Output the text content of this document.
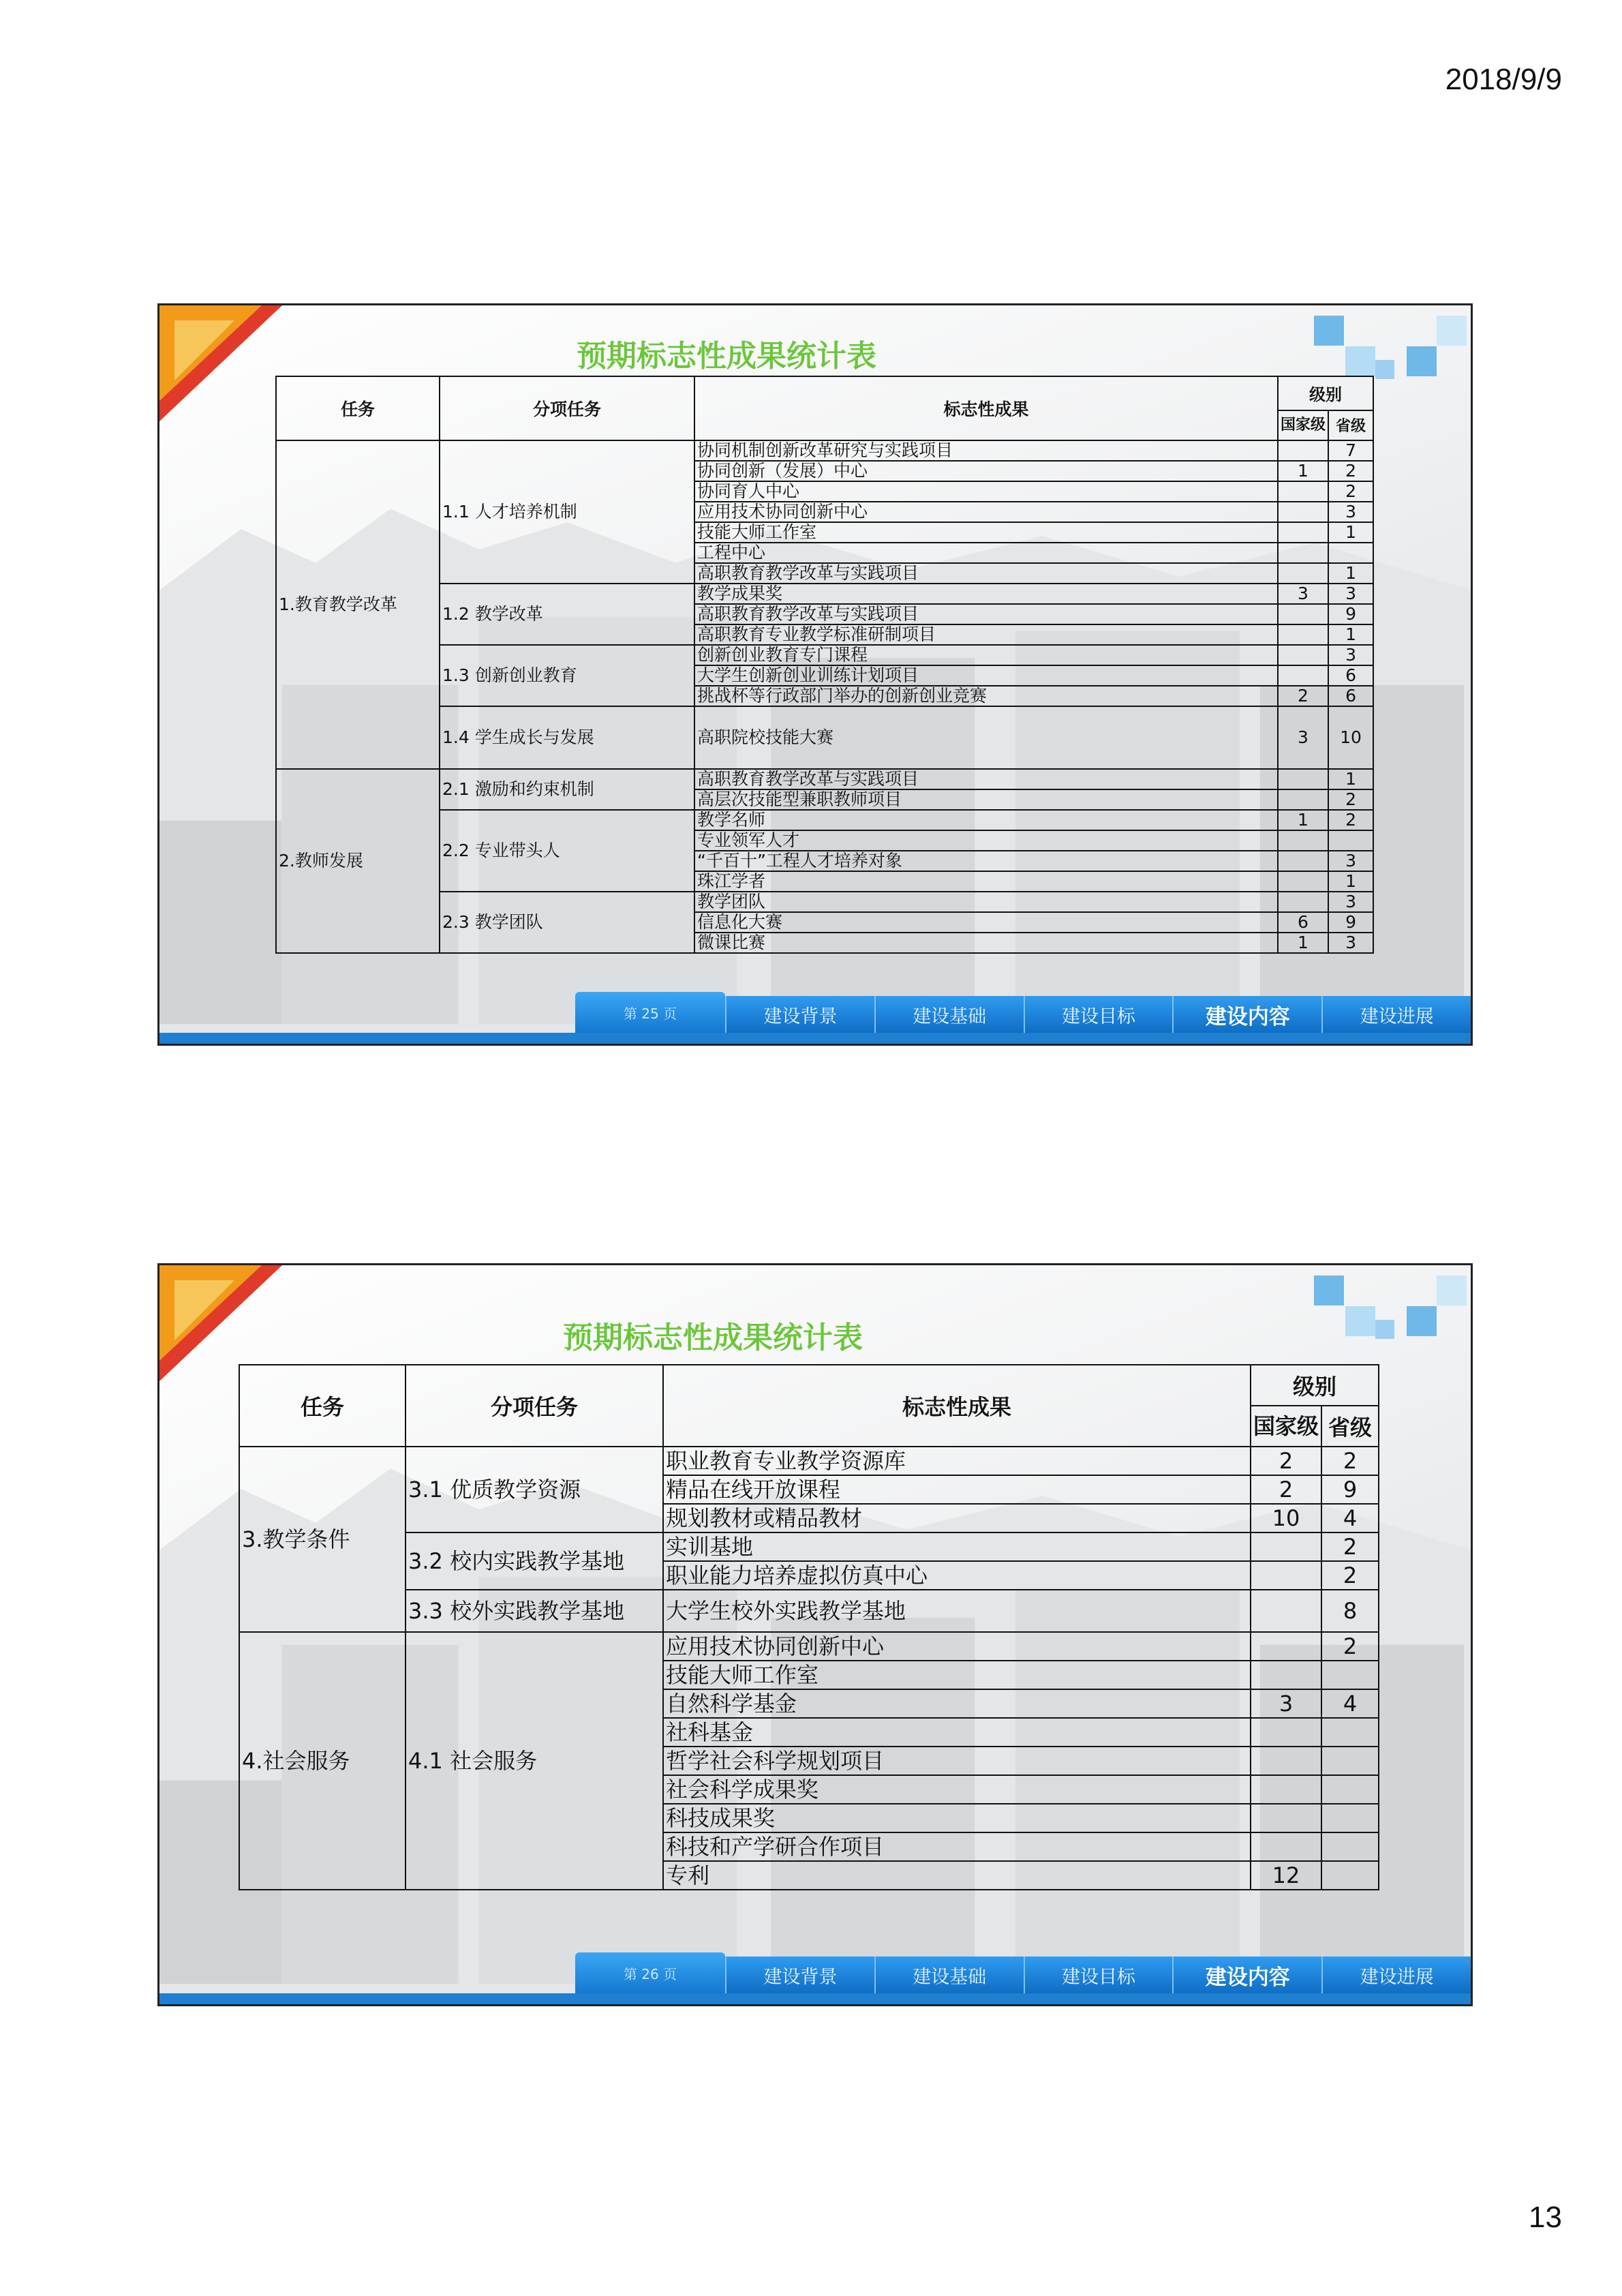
2018/9/9
预期标志性成果统计表
任务	分项任务	标志性成果	级别	
			国家级	省级
1.教育教学改革	1.1 人才培养机制	协同机制创新改革研究与实践项目		7
		协同创新（发展）中心	1	2
		协同育人中心		2
		应用技术协同创新中心		3
		技能大师工作室		1
		工程中心		
		高职教育教学改革与实践项目		1
	1.2 教学改革	教学成果奖	3	3
		高职教育教学改革与实践项目		9
		高职教育专业教学标准研制项目		1
	1.3 创新创业教育	创新创业教育专门课程		3
		大学生创新创业训练计划项目		6
		挑战杯等行政部门举办的创新创业竞赛	2	6
	1.4 学生成长与发展	高职院校技能大赛	3	10
2.教师发展	2.1 激励和约束机制	高职教育教学改革与实践项目		1
		高层次技能型兼职教师项目		2
	2.2 专业带头人	教学名师	1	2
		专业领军人才		
		“千百十”工程人才培养对象		3
		珠江学者		1
	2.3 教学团队	教学团队		3
		信息化大赛	6	9
		微课比赛	1	3
第 25 页	建设背景	建设基础	建设目标	建设内容	建设进展
预期标志性成果统计表
任务	分项任务	标志性成果	级别	
			国家级	省级
3.教学条件	3.1 优质教学资源	职业教育专业教学资源库	2	2
		精品在线开放课程	2	9
		规划教材或精品教材	10	4
	3.2 校内实践教学基地	实训基地		2
		职业能力培养虚拟仿真中心		2
	3.3 校外实践教学基地	大学生校外实践教学基地		8
4.社会服务	4.1 社会服务	应用技术协同创新中心		2
		技能大师工作室		
		自然科学基金	3	4
		社科基金		
		哲学社会科学规划项目		
		社会科学成果奖		
		科技成果奖		
		科技和产学研合作项目		
		专利	12	
第 26 页	建设背景	建设基础	建设目标	建设内容	建设进展
13
